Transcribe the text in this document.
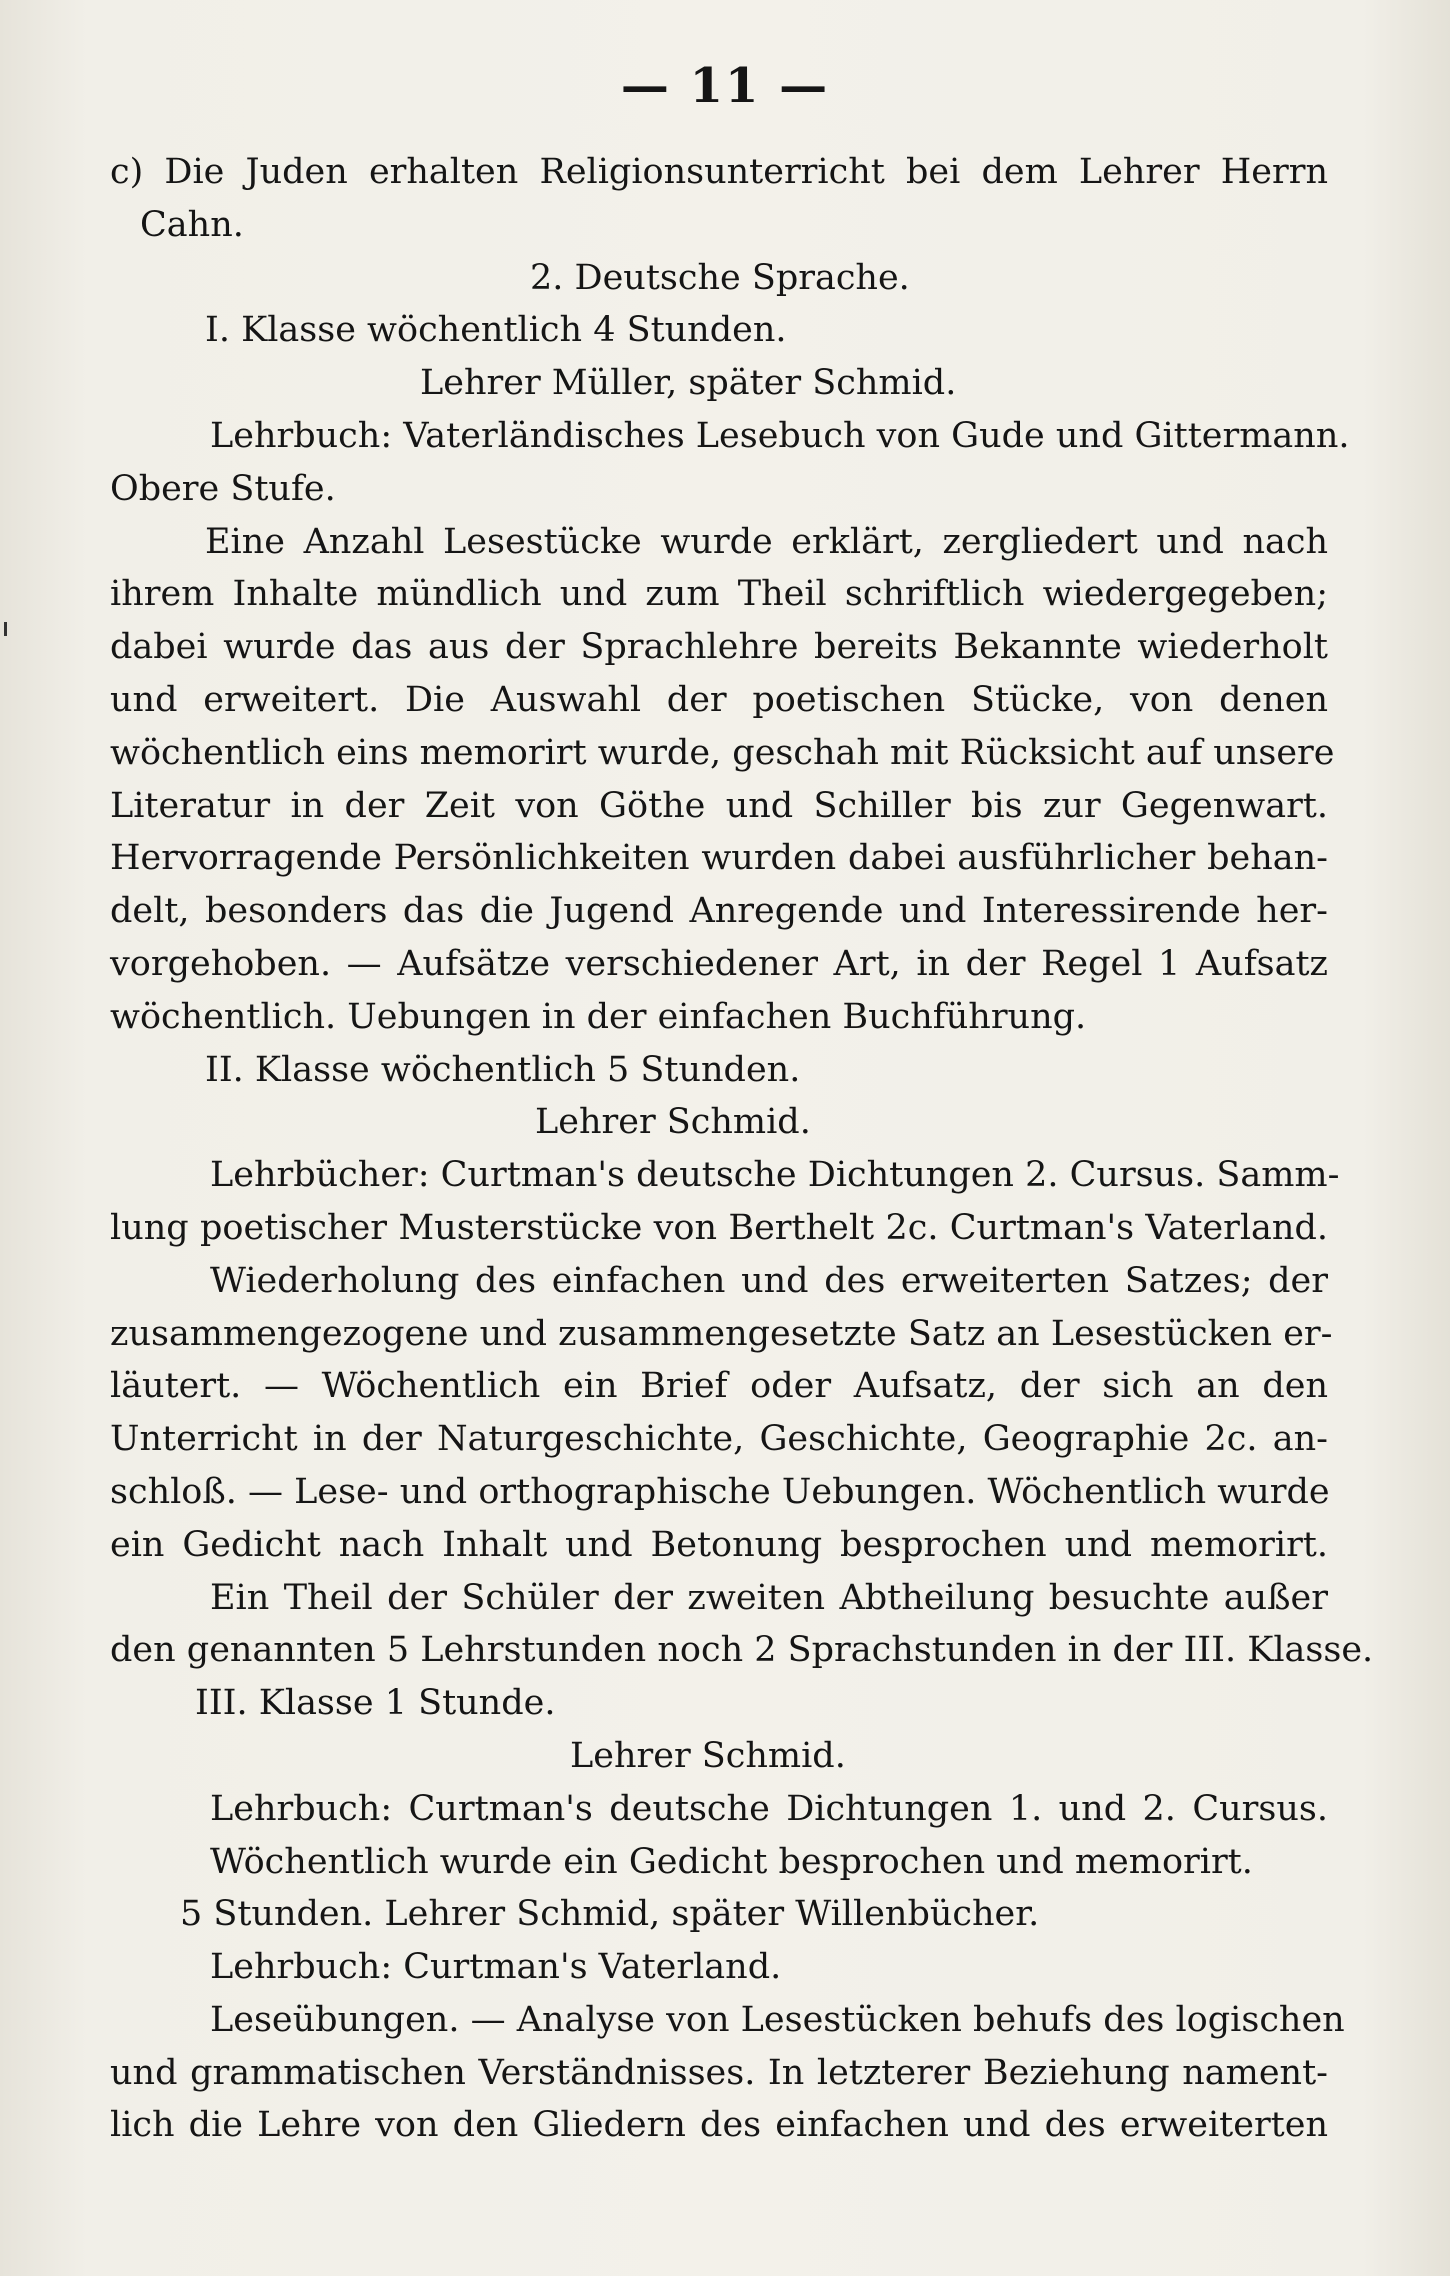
— 11 —
c) Die Juden erhalten Religionsunterricht bei dem Lehrer Herrn
Cahn.
2. Deutsche Sprache.
I. Klasse wöchentlich 4 Stunden.
Lehrer Müller, später Schmid.
Lehrbuch: Vaterländisches Lesebuch von Gude und Gittermann.
Obere Stufe.
Eine Anzahl Lesestücke wurde erklärt, zergliedert und nach
ihrem Inhalte mündlich und zum Theil schriftlich wiedergegeben;
dabei wurde das aus der Sprachlehre bereits Bekannte wiederholt
und erweitert. Die Auswahl der poetischen Stücke, von denen
wöchentlich eins memorirt wurde, geschah mit Rücksicht auf unsere
Literatur in der Zeit von Göthe und Schiller bis zur Gegenwart.
Hervorragende Persönlichkeiten wurden dabei ausführlicher behan-
delt, besonders das die Jugend Anregende und Interessirende her-
vorgehoben. — Aufsätze verschiedener Art, in der Regel 1 Aufsatz
wöchentlich. Uebungen in der einfachen Buchführung.
II. Klasse wöchentlich 5 Stunden.
Lehrer Schmid.
Lehrbücher: Curtman's deutsche Dichtungen 2. Cursus. Samm-
lung poetischer Musterstücke von Berthelt 2c. Curtman's Vaterland.
Wiederholung des einfachen und des erweiterten Satzes; der
zusammengezogene und zusammengesetzte Satz an Lesestücken er-
läutert. — Wöchentlich ein Brief oder Aufsatz, der sich an den
Unterricht in der Naturgeschichte, Geschichte, Geographie 2c. an-
schloß. — Lese- und orthographische Uebungen. Wöchentlich wurde
ein Gedicht nach Inhalt und Betonung besprochen und memorirt.
Ein Theil der Schüler der zweiten Abtheilung besuchte außer
den genannten 5 Lehrstunden noch 2 Sprachstunden in der III. Klasse.
III. Klasse 1 Stunde.
Lehrer Schmid.
Lehrbuch: Curtman's deutsche Dichtungen 1. und 2. Cursus.
Wöchentlich wurde ein Gedicht besprochen und memorirt.
5 Stunden. Lehrer Schmid, später Willenbücher.
Lehrbuch: Curtman's Vaterland.
Leseübungen. — Analyse von Lesestücken behufs des logischen
und grammatischen Verständnisses. In letzterer Beziehung nament-
lich die Lehre von den Gliedern des einfachen und des erweiterten
